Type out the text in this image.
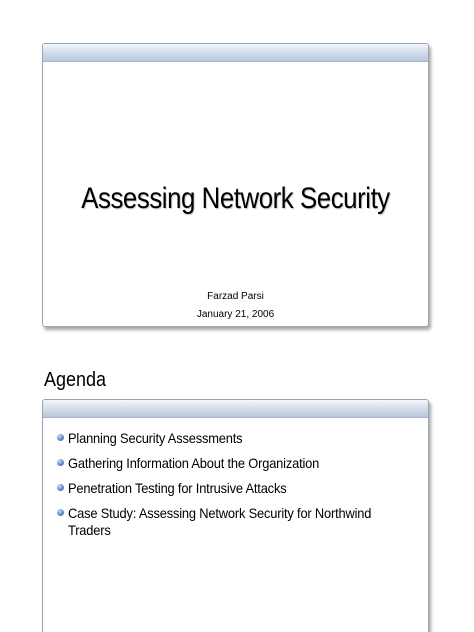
Assessing Network Security
Farzad Parsi
January 21, 2006
Agenda
Planning Security Assessments
Gathering Information About the Organization
Penetration Testing for Intrusive Attacks
Case Study: Assessing Network Security for Northwind Traders
